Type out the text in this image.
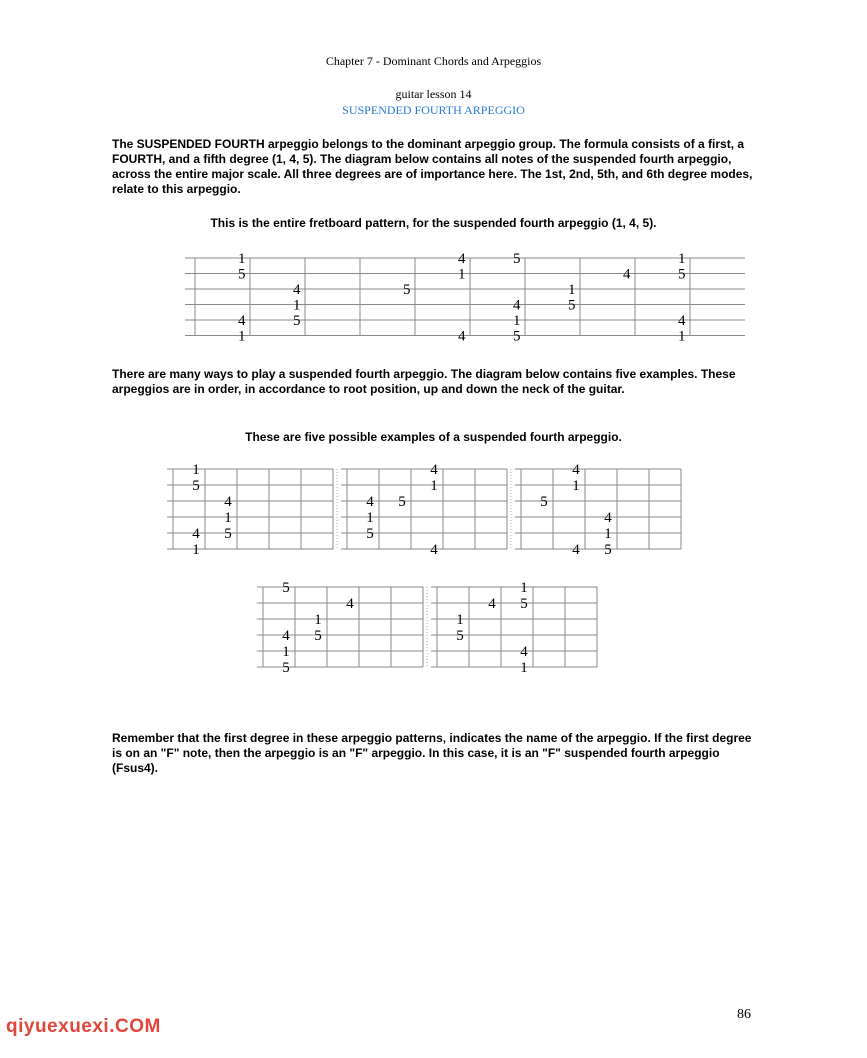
Chapter 7 - Dominant Chords and Arpeggios
guitar lesson 14
SUSPENDED FOURTH ARPEGGIO
The SUSPENDED FOURTH arpeggio belongs to the dominant arpeggio group. The formula consists of a first, a FOURTH, and a fifth degree (1, 4, 5). The diagram below contains all notes of the suspended fourth arpeggio, across the entire major scale. All three degrees are of importance here. The 1st, 2nd, 5th, and 6th degree modes, relate to this arpeggio.
This is the entire fretboard pattern, for the suspended fourth arpeggio (1, 4, 5).
1	4	5	1
5	1	4	5
4	5	1
1	4	5
4	5	1	4
1	4	5	1
There are many ways to play a suspended fourth arpeggio. The diagram below contains five examples. These arpeggios are in order, in accordance to root position, up and down the neck of the guitar.
These are five possible examples of a suspended fourth arpeggio.
1
5
4
1
4 5
1
4
1
4 5
1
5
4
4
1
5
4
1
4 5
5
4
1
4 5
1
5
1
4 5
1
5
4
1
Remember that the first degree in these arpeggio patterns, indicates the name of the arpeggio. If the first degree is on an "F" note, then the arpeggio is an "F" arpeggio. In this case, it is an "F" suspended fourth arpeggio (Fsus4).
86
qiyuexuexi.COM
